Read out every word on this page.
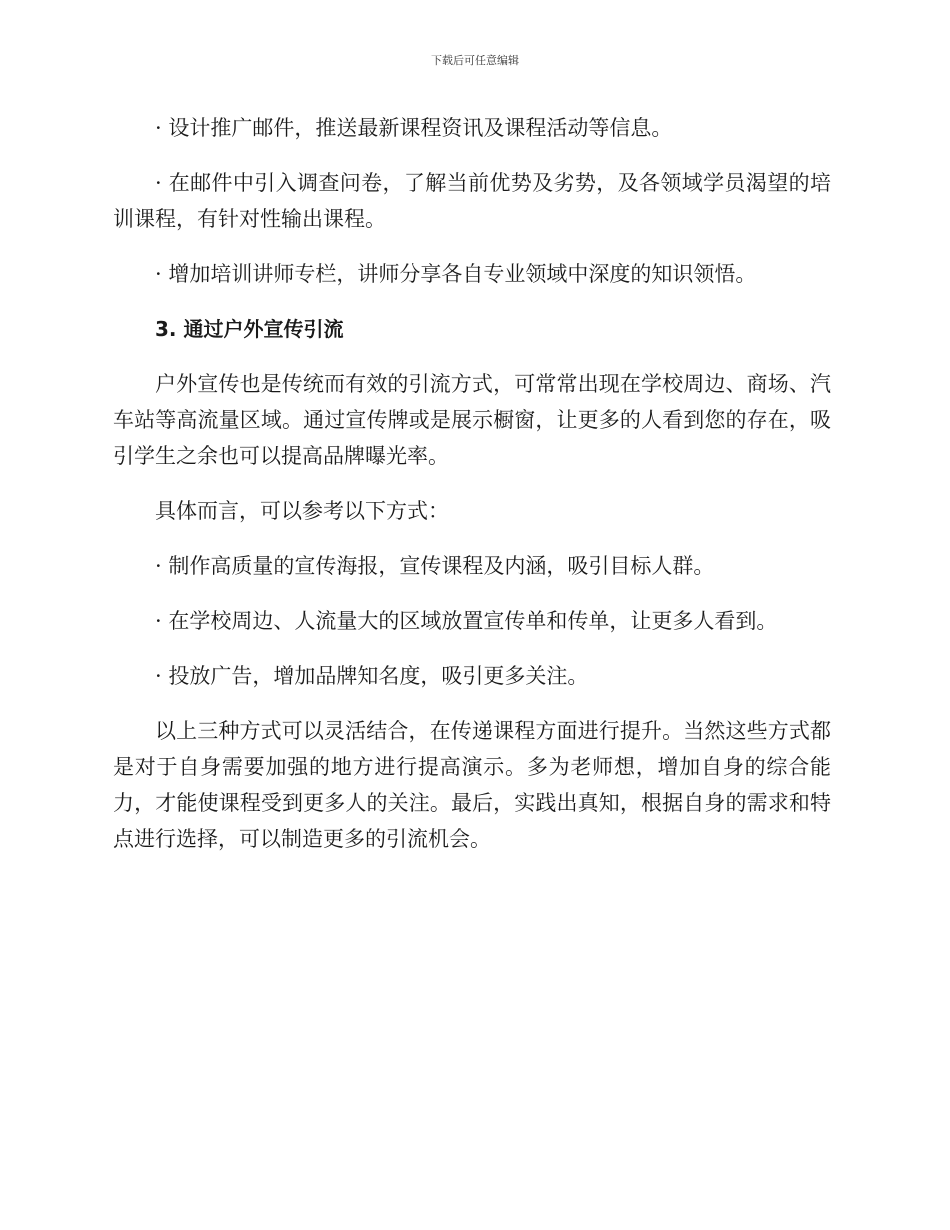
下载后可任意编辑

· 设计推广邮件，推送最新课程资讯及课程活动等信息。

· 在邮件中引入调查问卷，了解当前优势及劣势，及各领域学员渴望的培训课程，有针对性输出课程。

· 增加培训讲师专栏，讲师分享各自专业领域中深度的知识领悟。

3. 通过户外宣传引流

户外宣传也是传统而有效的引流方式，可常常出现在学校周边、商场、汽车站等高流量区域。通过宣传牌或是展示橱窗，让更多的人看到您的存在，吸引学生之余也可以提高品牌曝光率。

具体而言，可以参考以下方式：

· 制作高质量的宣传海报，宣传课程及内涵，吸引目标人群。

· 在学校周边、人流量大的区域放置宣传单和传单，让更多人看到。

· 投放广告，增加品牌知名度，吸引更多关注。

以上三种方式可以灵活结合，在传递课程方面进行提升。当然这些方式都是对于自身需要加强的地方进行提高演示。多为老师想，增加自身的综合能力，才能使课程受到更多人的关注。最后，实践出真知，根据自身的需求和特点进行选择，可以制造更多的引流机会。
